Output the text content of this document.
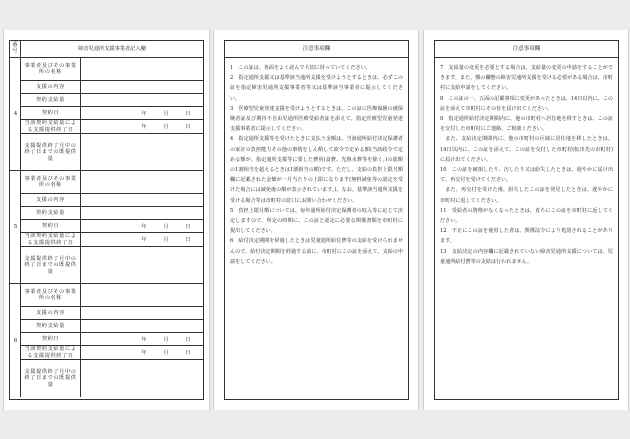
番号	障害児通所支援事業者記入欄
4
事業者及びその事業所の名称
支援の内容
契約支給量
契約日	年	月	日
当該契約支給量による支援提供終了日	年	月	日
支援提供終了月中の終了日までの既提供量
5
事業者及びその事業所の名称
支援の内容
契約支給量
契約日	年	月	日
当該契約支給量による支援提供終了日	年	月	日
支援提供終了月中の終了日までの既提供量
6
事業者及びその事業所の名称
支援の内容
契約支給量
契約日	年	月	日
当該契約支給量による支援提供終了日	年	月	日
支援提供終了月中の終了日までの既提供量
注意事項欄

1　この証は、各面をよく読んで大切に持っていてください。

2　指定通所支援又は基準該当通所支援を受けようとするときは、必ずこの証を指定障害児通所支援事業者等又は基準該当事業者に提示してください。

3　医療型児童発達支援を受けようとするときは、この証に医療保険の被保険者証及び期待不自由児通所医療受給者証を添えて、指定医療型児童発達支援事業者に提示してください。

4　指定通所支援等を受けたときに支払う金額は、当該通所給付決定保護者の家計の負担能力その他の事情をしん酌して政令で定める額(当該政令で定める額が、指定通所支援等に要した費用(食費、光熱水費等を除く。)の総額の1割相当を超えるときは1割相当の額)です。ただし、支給の負担上限月額欄に記載された金額が一月当たりの上限になります(無料減免等の認定を受けた場合には減免後の額が表示されています。)。なお、基準該当通所支援を受ける場合等は市町村の窓口にお問い合わせください。

5　負担上限月額については、毎年通所給付決定保護者の収入等に応じて決定しますので、所定の時期に、この証と認定に必要な関係書類を市町村に提出してください。

6　給付決定期間を経過したときは児童通所給付費等の支給を受けられませんので、給付決定期間を経過する前に、市町村にこの証を添えて、支給の申請をしてください。

注意事項欄

7　支給量の変更を必要とする場合は、支給量の変更の申請をすることができます。また、額の欄態の障害児通所支援を受ける必要がある場合は、市町村に支給申請をしてください。

8　この証の一、五面の記載事項に変更があったときは、14日以内に、この証を添えて市町村にその旨を届け出てください。

9　指定通所給付決定期間内に、他の市町村へ居住地を移すときは、この証を交付した市町村にご連絡、ご相談ください。

　また、支給決定期間内に、他の市町村の区域に居住地を移したときは、14日以内に、この証を添えて、この証を交付した市町村(転出先の市町村)に届け出てください。

10　この証を破損したり、汚したり又は紛失したときは、遅やかに届け出て、再交付を受けてください。

　また、再交付を受けた後、紛失したこの証を発見したときは、遅やかに市町村に返してください。

11　受給者の資格がなくなったときは、直ちにこの証を市町村に返してください。

12　不正にこの証を使用した者は、関係法令により処罰されることがあります。

13　支給決定の内容欄に記載されていない障害児通所支援については、児童通所給付費等の支給は行われません。
